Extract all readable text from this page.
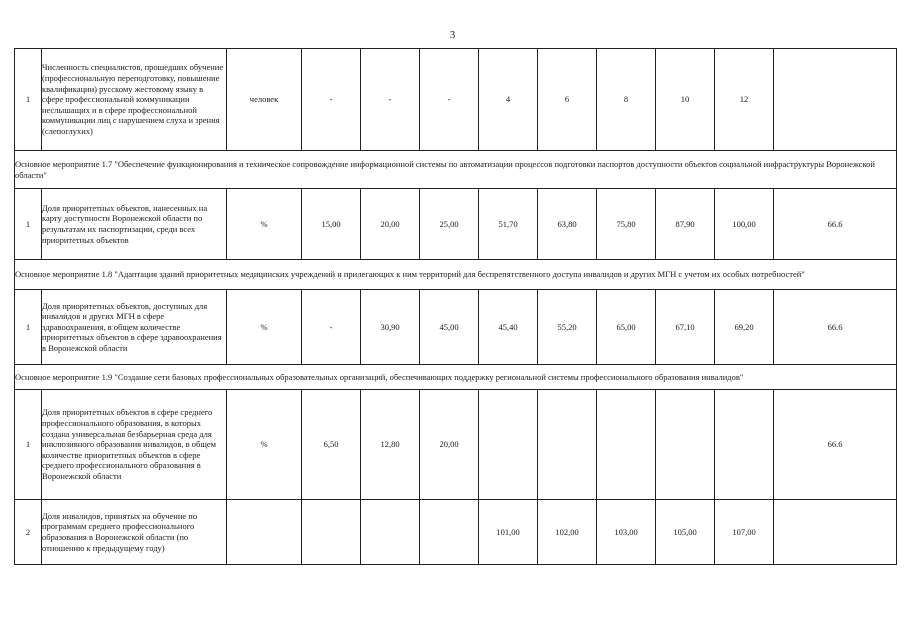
3
1	Численность специалистов, прошедших обучение (профессиональную переподготовку, повышение квалификации) русскому жестовому языку в сфере профессиональной коммуникации неслышащих и в сфере профессиональной коммуникации лиц с нарушением слуха и зрения (слепоглухих)	человек	-	-	-	4	6	8	10	12	
Основное мероприятие 1.7 "Обеспечение функционирования и техническое сопровождение информационной системы по автоматизации процессов подготовки паспортов доступности объектов социальной инфраструктуры Воронежской области"											
1	Доля приоритетных объектов, нанесенных на карту доступности Воронежской области по результатам их паспортизации, среди всех приоритетных объектов	%	15,00	20,00	25,00	51,70	63,80	75,80	87,90	100,00	66.6
Основное мероприятие 1.8 "Адаптация зданий приоритетных медицинских учреждений и прилегающих к ним территорий для беспрепятственного доступа инвалидов и других МГН с учетом их особых потребностей"											
1	Доля приоритетных объектов, доступных для инвалидов и других МГН в сфере здравоохранения, в общем количестве приоритетных объектов в сфере здравоохранения в Воронежской области	%	-	30,90	45,00	45,40	55,20	65,00	67,10	69,20	66.6
Основное мероприятие 1.9 "Создание сети базовых профессиональных образовательных организаций, обеспечивающих поддержку региональной системы профессионального образования инвалидов"											
1	Доля приоритетных объектов в сфере среднего профессионального образования, в которых создана универсальная безбарьерная среда для инклюзивного образования инвалидов, в общем количестве приоритетных объектов в сфере среднего профессионального образования в Воронежской области	%	6,50	12,80	20,00						66.6
2	Доля инвалидов, принятых на обучение по программам среднего профессионального образования в Воронежской области (по отношению к предыдущему году)					101,00	102,00	103,00	105,00	107,00	
